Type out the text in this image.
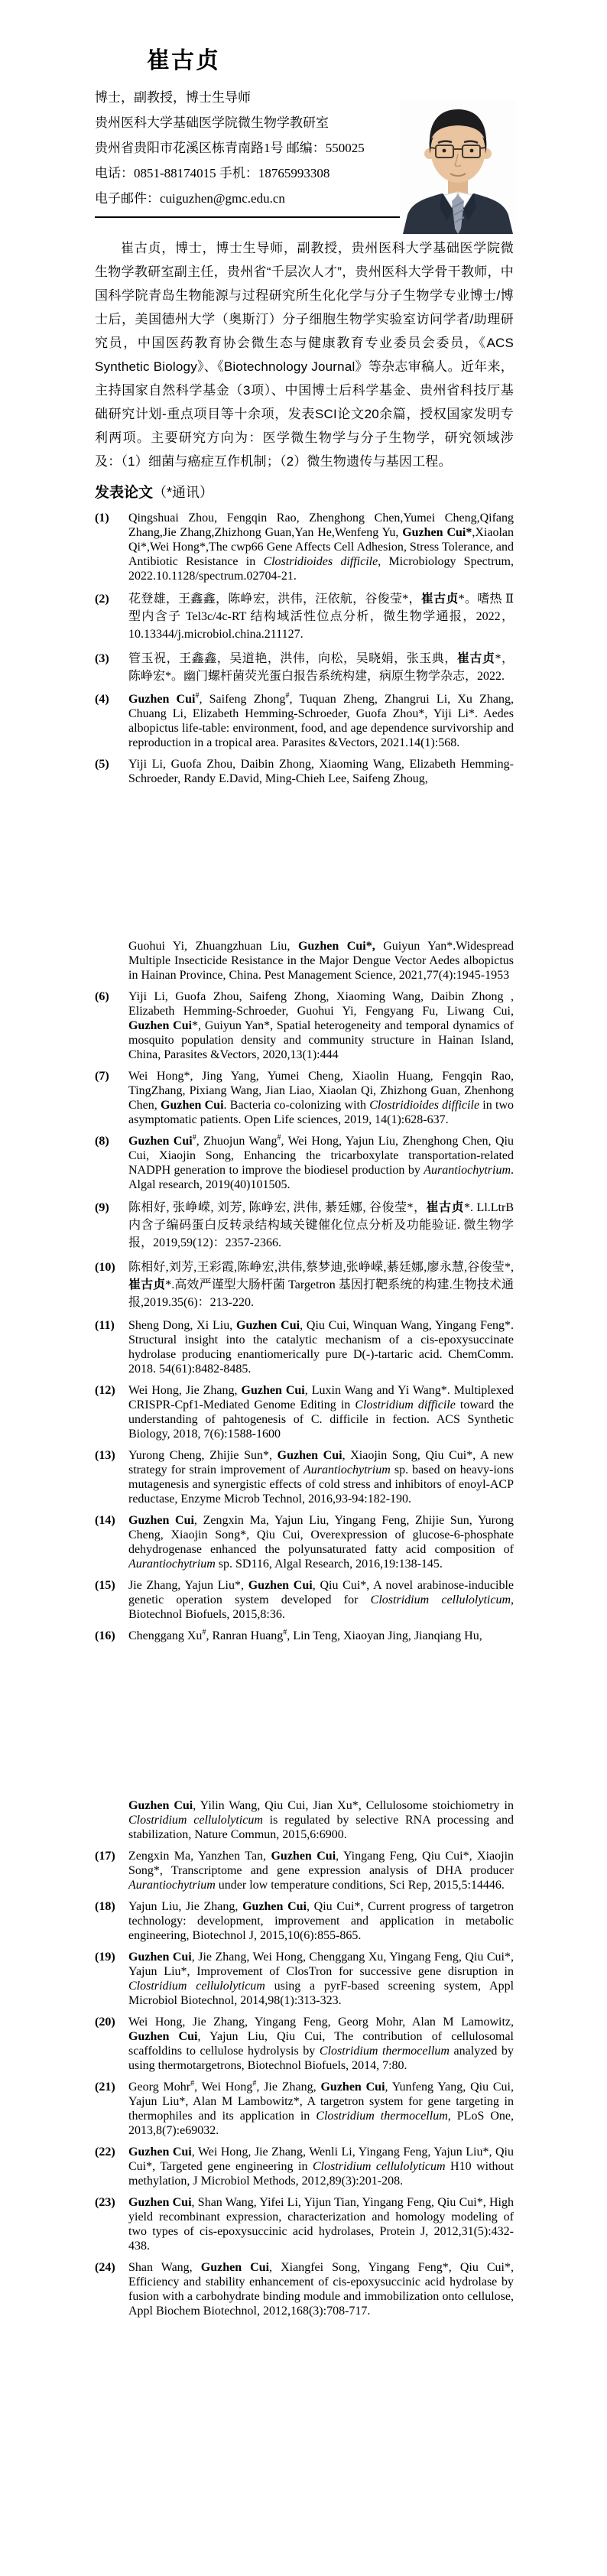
崔古贞

博士，副教授，博士生导师

贵州医科大学基础医学院微生物学教研室

贵州省贵阳市花溪区栋青南路1号 邮编：550025

电话：0851-88174015 手机：18765993308

电子邮件：cuiguzhen@gmc.edu.cn

崔古贞，博士，博士生导师，副教授，贵州医科大学基础医学院微生物学教研室副主任，贵州省“千层次人才”，贵州医科大学骨干教师，中国科学院青岛生物能源与过程研究所生化化学与分子生物学专业博士/博士后，美国德州大学（奥斯汀）分子细胞生物学实验室访问学者/助理研究员，中国医药教育协会微生态与健康教育专业委员会委员，《ACS Synthetic Biology》、《Biotechnology Journal》等杂志审稿人。近年来，主持国家自然科学基金（3项）、中国博士后科学基金、贵州省科技厅基础研究计划-重点项目等十余项，发表SCI论文20余篇，授权国家发明专利两项。主要研究方向为：医学微生物学与分子生物学，研究领域涉及：（1）细菌与癌症互作机制；（2）微生物遗传与基因工程。

发表论文（*通讯）
(1)	Qingshuai Zhou, Fengqin Rao, Zhenghong Chen,Yumei Cheng,Qifang Zhang,Jie Zhang,Zhizhong Guan,Yan He,Wenfeng Yu, Guzhen Cui*,Xiaolan Qi*,Wei Hong*,The cwp66 Gene Affects Cell Adhesion, Stress Tolerance, and Antibiotic Resistance in Clostridioides difficile, Microbiology Spectrum, 2022.10.1128/spectrum.02704-21.
(2)	花登雄，王鑫鑫，陈峥宏，洪伟，汪依航，谷俊莹*，崔古贞*。嗜热 Ⅱ 型内含子 Tel3c/4c-RT 结构域活性位点分析，微生物学通报，2022，10.13344/j.microbiol.china.211127.
(3)	管玉祝，王鑫鑫，吴道艳，洪伟，向松，吴晓娟，张玉典，崔古贞*，陈峥宏*。幽门螺杆菌荧光蛋白报告系统构建，病原生物学杂志，2022.
(4)	Guzhen Cui#, Saifeng Zhong#, Tuquan Zheng, Zhangrui Li, Xu Zhang, Chuang Li, Elizabeth Hemming-Schroeder, Guofa Zhou*, Yiji Li*. Aedes albopictus life-table: environment, food, and age dependence survivorship and reproduction in a tropical area. Parasites &Vectors, 2021.14(1):568.
(5)	Yiji Li, Guofa Zhou, Daibin Zhong, Xiaoming Wang, Elizabeth Hemming-Schroeder, Randy E.David, Ming-Chieh Lee, Saifeng Zhoug,
Guohui Yi, Zhuangzhuan Liu, Guzhen Cui*, Guiyun Yan*.Widespread Multiple Insecticide Resistance in the Major Dengue Vector Aedes albopictus in Hainan Province, China. Pest Management Science, 2021,77(4):1945-1953
(6)	Yiji Li, Guofa Zhou, Saifeng Zhong, Xiaoming Wang, Daibin Zhong , Elizabeth Hemming-Schroeder, Guohui Yi, Fengyang Fu, Liwang Cui, Guzhen Cui*, Guiyun Yan*, Spatial heterogeneity and temporal dynamics of mosquito population density and community structure in Hainan Island, China, Parasites &Vectors, 2020,13(1):444
(7)	Wei Hong*, Jing Yang, Yumei Cheng, Xiaolin Huang, Fengqin Rao, TingZhang, Pixiang Wang, Jian Liao, Xiaolan Qi, Zhizhong Guan, Zhenhong Chen, Guzhen Cui. Bacteria co-colonizing with Clostridioides difficile in two asymptomatic patients. Open Life sciences, 2019, 14(1):628-637.
(8)	Guzhen Cui#, Zhuojun Wang#, Wei Hong, Yajun Liu, Zhenghong Chen, Qiu Cui, Xiaojin Song, Enhancing the tricarboxylate transportation-related NADPH generation to improve the biodiesel production by Aurantiochytrium. Algal research, 2019(40)101505.
(9)	陈相好, 张峥嵘, 刘芳, 陈峥宏, 洪伟, 綦廷娜, 谷俊莹*，崔古贞*. Ll.LtrB 内含子编码蛋白反转录结构域关键催化位点分析及功能验证. 微生物学报，2019,59(12)：2357-2366.
(10)	陈相好,刘芳,王彩霞,陈峥宏,洪伟,蔡梦迪,张峥嵘,綦廷娜,廖永慧,谷俊莹*,崔古贞*.高效严谨型大肠杆菌 Targetron 基因打靶系统的构建.生物技术通报,2019.35(6)：213-220.
(11)	Sheng Dong, Xi Liu, Guzhen Cui, Qiu Cui, Winquan Wang, Yingang Feng*. Structural insight into the catalytic mechanism of a cis-epoxysuccinate hydrolase producing enantiomerically pure D(-)-tartaric acid. ChemComm. 2018. 54(61):8482-8485.
(12)	Wei Hong, Jie Zhang, Guzhen Cui, Luxin Wang and Yi Wang*. Multiplexed CRISPR-Cpf1-Mediated Genome Editing in Clostridium difficile toward the understanding of pahtogenesis of C. difficile in fection. ACS Synthetic Biology, 2018, 7(6):1588-1600
(13)	Yurong Cheng, Zhijie Sun*, Guzhen Cui, Xiaojin Song, Qiu Cui*, A new strategy for strain improvement of Aurantiochytrium sp. based on heavy-ions mutagenesis and synergistic effects of cold stress and inhibitors of enoyl-ACP reductase, Enzyme Microb Technol, 2016,93-94:182-190.
(14)	Guzhen Cui, Zengxin Ma, Yajun Liu, Yingang Feng, Zhijie Sun, Yurong Cheng, Xiaojin Song*, Qiu Cui, Overexpression of glucose-6-phosphate dehydrogenase enhanced the polyunsaturated fatty acid composition of Aurantiochytrium sp. SD116, Algal Research, 2016,19:138-145.
(15)	Jie Zhang, Yajun Liu*, Guzhen Cui, Qiu Cui*, A novel arabinose-inducible genetic operation system developed for Clostridium cellulolyticum, Biotechnol Biofuels, 2015,8:36.
(16)	Chenggang Xu#, Ranran Huang#, Lin Teng, Xiaoyan Jing, Jianqiang Hu,
Guzhen Cui, Yilin Wang, Qiu Cui, Jian Xu*, Cellulosome stoichiometry in Clostridium cellulolyticum is regulated by selective RNA processing and stabilization, Nature Commun, 2015,6:6900.
(17)	Zengxin Ma, Yanzhen Tan, Guzhen Cui, Yingang Feng, Qiu Cui*, Xiaojin Song*, Transcriptome and gene expression analysis of DHA producer Aurantiochytrium under low temperature conditions, Sci Rep, 2015,5:14446.
(18)	Yajun Liu, Jie Zhang, Guzhen Cui, Qiu Cui*, Current progress of targetron technology: development, improvement and application in metabolic engineering, Biotechnol J, 2015,10(6):855-865.
(19)	Guzhen Cui, Jie Zhang, Wei Hong, Chenggang Xu, Yingang Feng, Qiu Cui*, Yajun Liu*, Improvement of ClosTron for successive gene disruption in Clostridium cellulolyticum using a pyrF-based screening system, Appl Microbiol Biotechnol, 2014,98(1):313-323.
(20)	Wei Hong, Jie Zhang, Yingang Feng, Georg Mohr, Alan M Lamowitz, Guzhen Cui, Yajun Liu, Qiu Cui, The contribution of cellulosomal scaffoldins to cellulose hydrolysis by Clostridium thermocellum analyzed by using thermotargetrons, Biotechnol Biofuels, 2014, 7:80.
(21)	Georg Mohr#, Wei Hong#, Jie Zhang, Guzhen Cui, Yunfeng Yang, Qiu Cui, Yajun Liu*, Alan M Lambowitz*, A targetron system for gene targeting in thermophiles and its application in Clostridium thermocellum, PLoS One, 2013,8(7):e69032.
(22)	Guzhen Cui, Wei Hong, Jie Zhang, Wenli Li, Yingang Feng, Yajun Liu*, Qiu Cui*, Targeted gene engineering in Clostridium cellulolyticum H10 without methylation, J Microbiol Methods, 2012,89(3):201-208.
(23)	Guzhen Cui, Shan Wang, Yifei Li, Yijun Tian, Yingang Feng, Qiu Cui*, High yield recombinant expression, characterization and homology modeling of two types of cis-epoxysuccinic acid hydrolases, Protein J, 2012,31(5):432-438.
(24)	Shan Wang, Guzhen Cui, Xiangfei Song, Yingang Feng*, Qiu Cui*, Efficiency and stability enhancement of cis-epoxysuccinic acid hydrolase by fusion with a carbohydrate binding module and immobilization onto cellulose, Appl Biochem Biotechnol, 2012,168(3):708-717.
